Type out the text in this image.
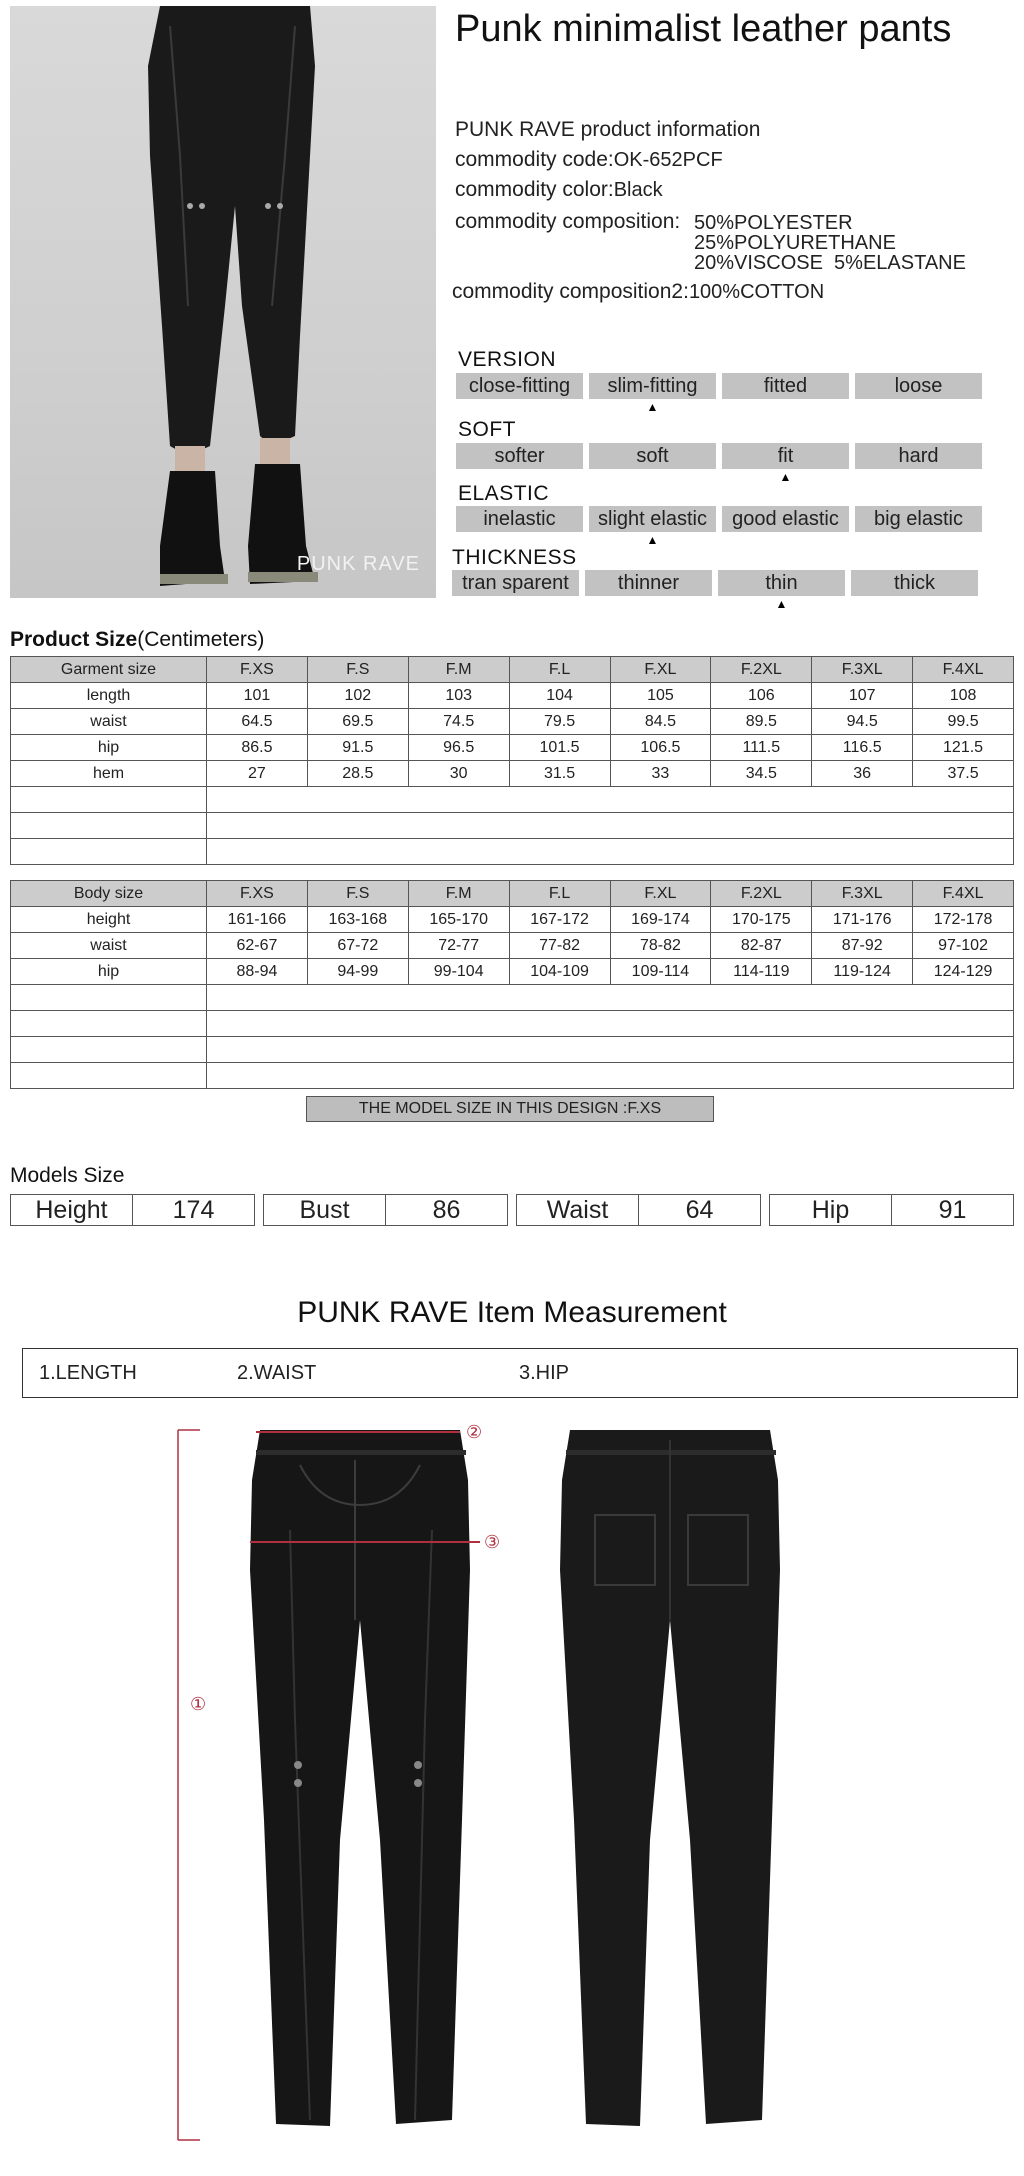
PUNK RAVE
Punk minimalist leather pants
PUNK RAVE product information
commodity code:OK-652PCF
commodity color:Black
commodity composition: 50%POLYESTER
25%POLYURETHANE
20%VISCOSE  5%ELASTANE
commodity composition2:100%COTTON
VERSION
close-fitting	slim-fitting
▲
fitted	loose
SOFT
softer	soft	fit
▲
hard
ELASTIC
inelastic	slight elastic
▲
good elastic	big elastic
THICKNESS
tran sparent	thinner	thin
▲
thick
Product Size(Centimeters)
Garment size	F.XS	F.S	F.M	F.L	F.XL	F.2XL	F.3XL	F.4XL
length	101	102	103	104	105	106	107	108
waist	64.5	69.5	74.5	79.5	84.5	89.5	94.5	99.5
hip	86.5	91.5	96.5	101.5	106.5	111.5	116.5	121.5
hem	27	28.5	30	31.5	33	34.5	36	37.5

Body size	F.XS	F.S	F.M	F.L	F.XL	F.2XL	F.3XL	F.4XL
height	161-166	163-168	165-170	167-172	169-174	170-175	171-176	172-178
waist	62-67	67-72	72-77	77-82	78-82	82-87	87-92	97-102
hip	88-94	94-99	99-104	104-109	109-114	114-119	119-124	124-129

THE MODEL SIZE IN THIS DESIGN :F.XS
Models Size
Height	174	Bust	86	Waist	64	Hip	91
PUNK RAVE Item Measurement
1.LENGTH	2.WAIST	3.HIP
①
②
③
